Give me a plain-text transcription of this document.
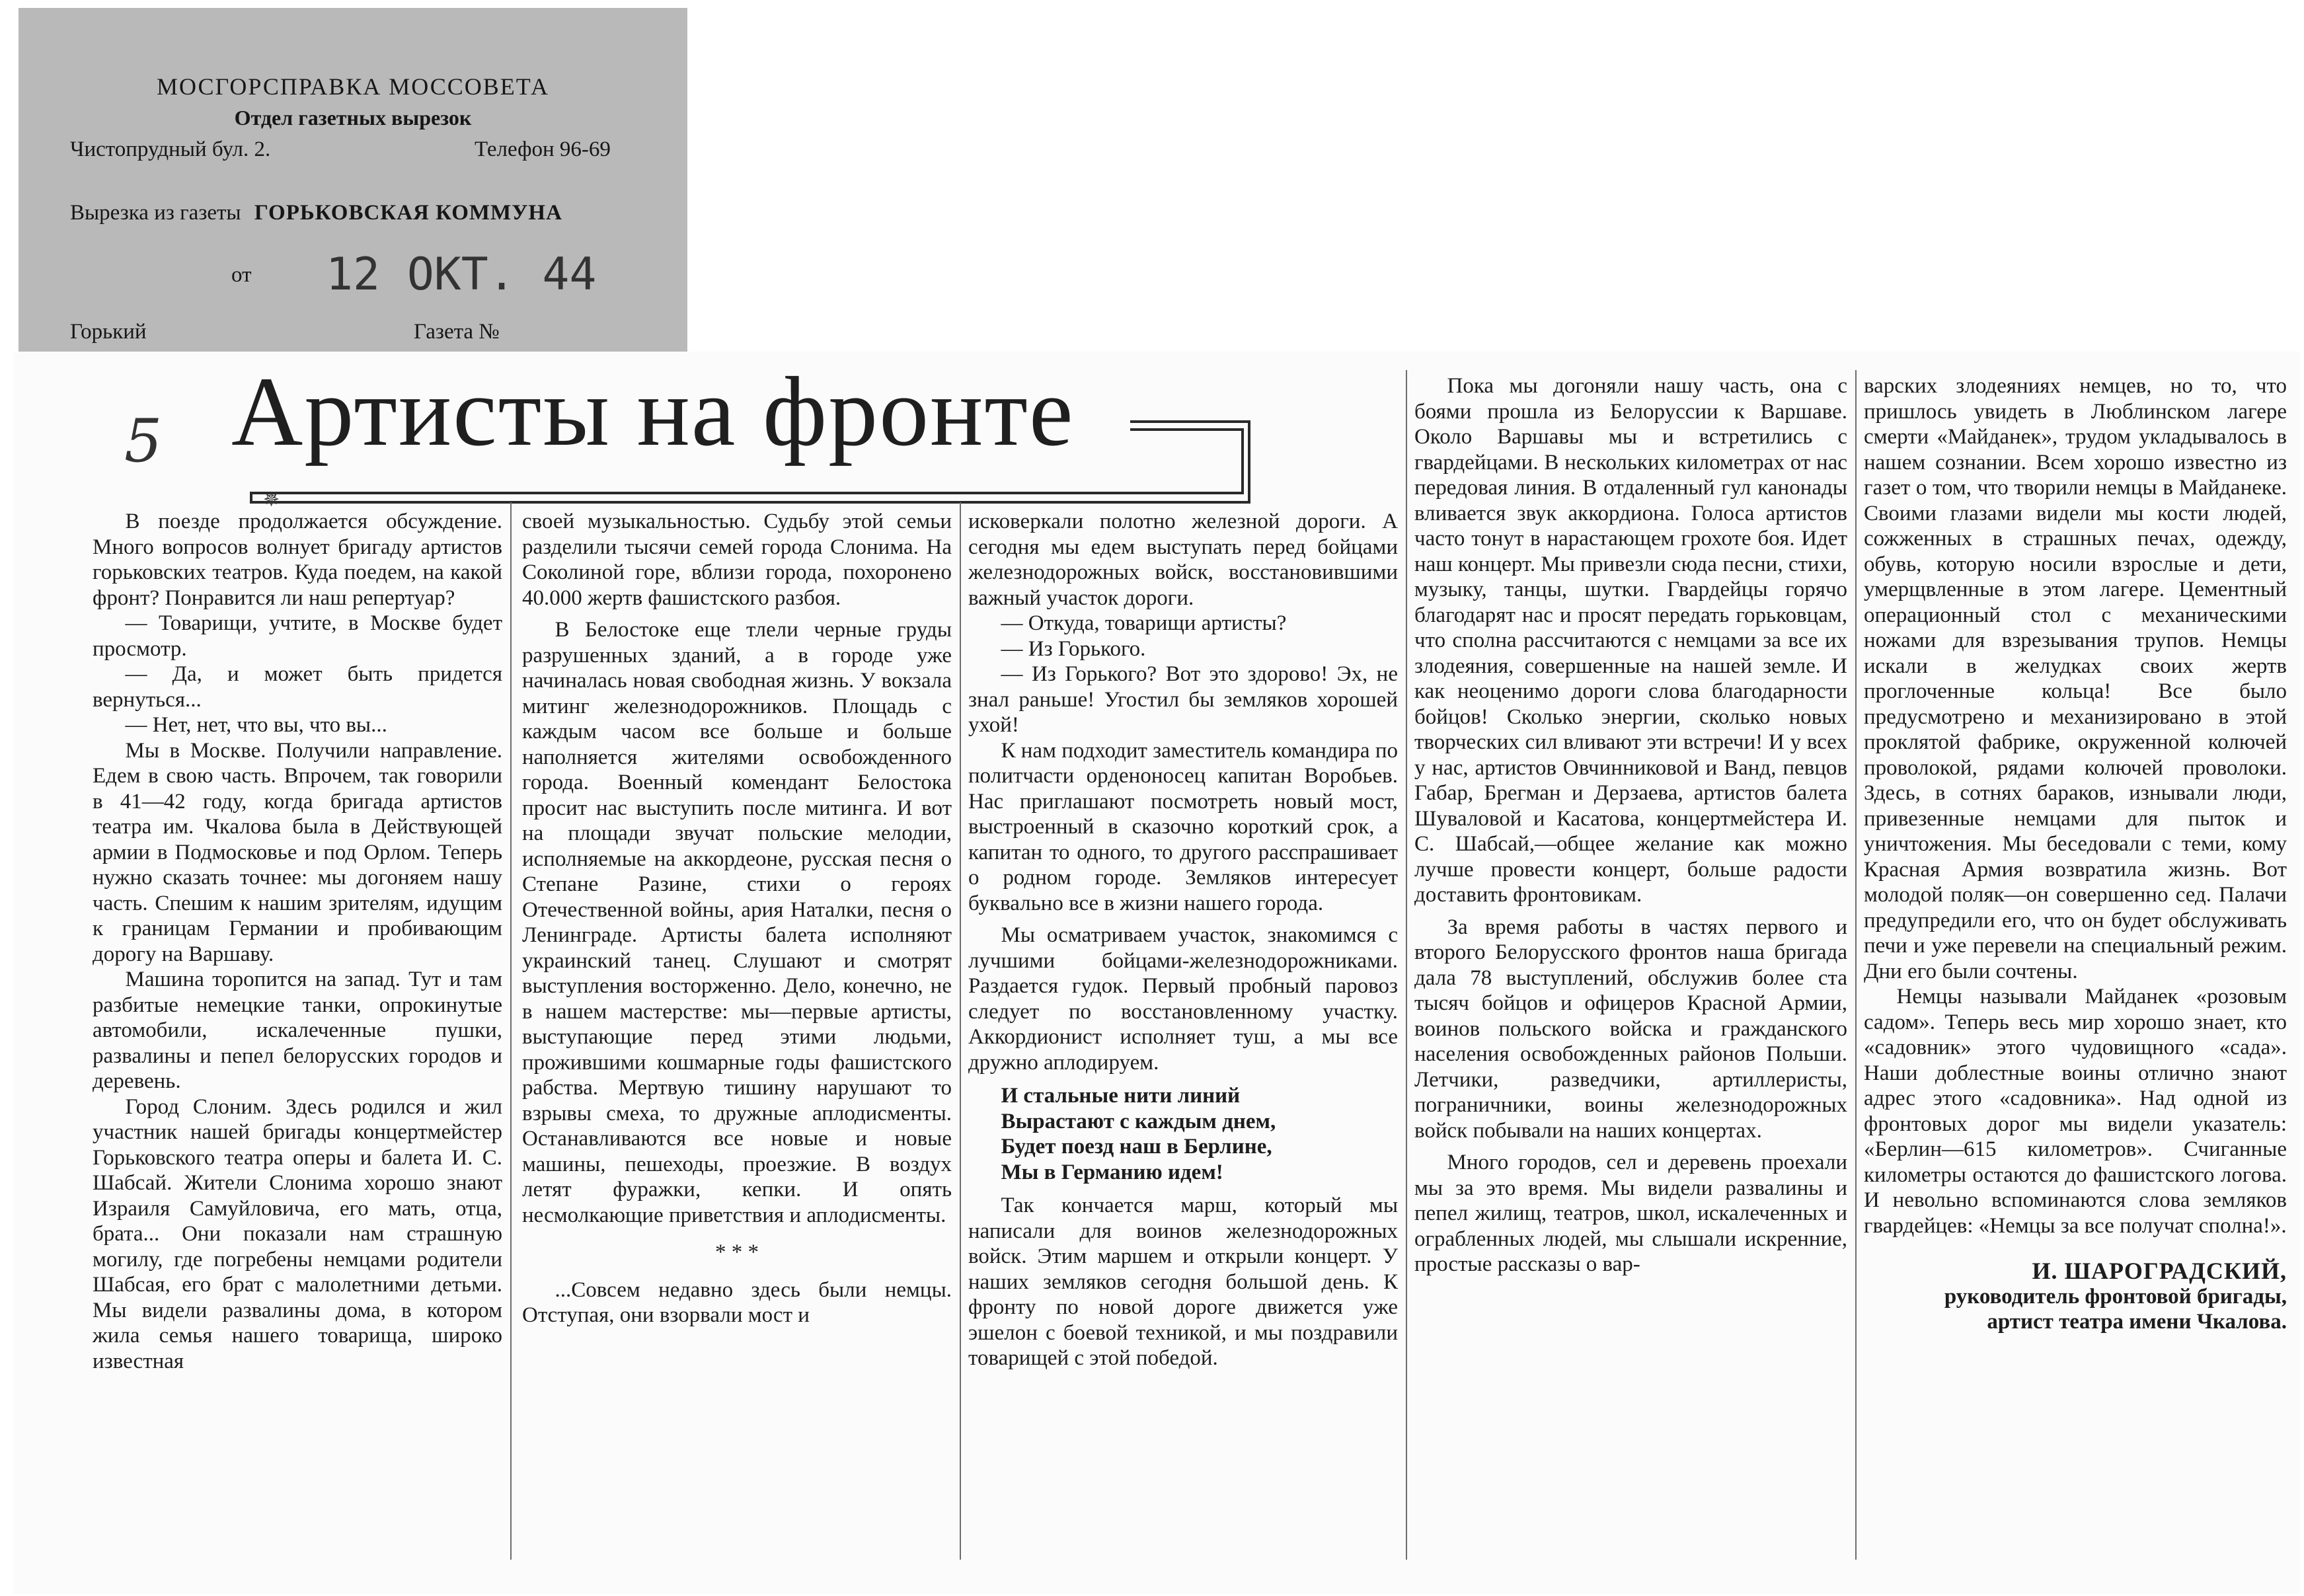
МОСГОРСПРАВКА МОССОВЕТА
Отдел газетных вырезок
Чистопрудный бул. 2.	Телефон 96-69
Вырезка из газеты ГОРЬКОВСКАЯ КОММУНА
от 12 ОКТ. 44
Горький	Газета №

5
✵
Артисты на фронте

В поезде продолжается обсуждение. Много вопросов волнует бригаду артистов горьковских театров. Куда поедем, на какой фронт? Понравится ли наш репертуар?

— Товарищи, учтите, в Москве будет просмотр.

— Да, и может быть придется вернуться...

— Нет, нет, что вы, что вы...

Мы в Москве. Получили направление. Едем в свою часть. Впрочем, так говорили в 41—42 году, когда бригада артистов театра им. Чкалова была в Действующей армии в Подмосковье и под Орлом. Теперь нужно сказать точнее: мы догоняем нашу часть. Спешим к нашим зрителям, идущим к границам Германии и пробивающим дорогу на Варшаву.

Машина торопится на запад. Тут и там разбитые немецкие танки, опрокинутые автомобили, искалеченные пушки, развалины и пепел белорусских городов и деревень.

Город Слоним. Здесь родился и жил участник нашей бригады концертмейстер Горьковского театра оперы и балета И. С. Шабсай. Жители Слонима хорошо знают Израиля Самуйловича, его мать, отца, брата... Они показали нам страшную могилу, где погребены немцами родители Шабсая, его брат с малолетними детьми. Мы видели развалины дома, в котором жила семья нашего товарища, широко известная

своей музыкальностью. Судьбу этой семьи разделили тысячи семей города Слонима. На Соколиной горе, вблизи города, похоронено 40.000 жертв фашистского разбоя.

В Белостоке еще тлели черные груды разрушенных зданий, а в городе уже начиналась новая свободная жизнь. У вокзала митинг железнодорожников. Площадь с каждым часом все больше и больше наполняется жителями освобожденного города. Военный комендант Белостока просит нас выступить после митинга. И вот на площади звучат польские мелодии, исполняемые на аккордеоне, русская песня о Степане Разине, стихи о героях Отечественной войны, ария Наталки, песня о Ленинграде. Артисты балета исполняют украинский танец. Слушают и смотрят выступления восторженно. Дело, конечно, не в нашем мастерстве: мы—первые артисты, выступающие перед этими людьми, прожившими кошмарные годы фашистского рабства. Мертвую тишину нарушают то взрывы смеха, то дружные аплодисменты. Останавливаются все новые и новые машины, пешеходы, проезжие. В воздух летят фуражки, кепки. И опять несмолкающие приветствия и аплодисменты.

* * *

...Совсем недавно здесь были немцы. Отступая, они взорвали мост и

исковеркали полотно железной дороги. А сегодня мы едем выступать перед бойцами железнодорожных войск, восстановившими важный участок дороги.

— Откуда, товарищи артисты?

— Из Горького.

— Из Горького? Вот это здорово! Эх, не знал раньше! Угостил бы земляков хорошей ухой!

К нам подходит заместитель командира по политчасти орденоносец капитан Воробьев. Нас приглашают посмотреть новый мост, выстроенный в сказочно короткий срок, а капитан то одного, то другого расспрашивает о родном городе. Земляков интересует буквально все в жизни нашего города.

Мы осматриваем участок, знакомимся с лучшими бойцами-железнодорожниками. Раздается гудок. Первый пробный паровоз следует по восстановленному участку. Аккордионист исполняет туш, а мы все дружно аплодируем.

И стальные нити линий
Вырастают с каждым днем,
Будет поезд наш в Берлине,
Мы в Германию идем!

Так кончается марш, который мы написали для воинов железнодорожных войск. Этим маршем и открыли концерт. У наших земляков сегодня большой день. К фронту по новой дороге движется уже эшелон с боевой техникой, и мы поздравили товарищей с этой победой.

Пока мы догоняли нашу часть, она с боями прошла из Белоруссии к Варшаве. Около Варшавы мы и встретились с гвардейцами. В нескольких километрах от нас передовая линия. В отдаленный гул канонады вливается звук аккордиона. Голоса артистов часто тонут в нарастающем грохоте боя. Идет наш концерт. Мы привезли сюда песни, стихи, музыку, танцы, шутки. Гвардейцы горячо благодарят нас и просят передать горьковцам, что сполна рассчитаются с немцами за все их злодеяния, совершенные на нашей земле. И как неоценимо дороги слова благодарности бойцов! Сколько энергии, сколько новых творческих сил вливают эти встречи! И у всех у нас, артистов Овчинниковой и Ванд, певцов Габар, Брегман и Дерзаева, артистов балета Шуваловой и Касатова, концертмейстера И. С. Шабсай,—общее желание как можно лучше провести концерт, больше радости доставить фронтовикам.

За время работы в частях первого и второго Белорусского фронтов наша бригада дала 78 выступлений, обслужив более ста тысяч бойцов и офицеров Красной Армии, воинов польского войска и гражданского населения освобожденных районов Польши. Летчики, разведчики, артиллеристы, пограничники, воины железнодорожных войск побывали на наших концертах.

Много городов, сел и деревень проехали мы за это время. Мы видели развалины и пепел жилищ, театров, школ, искалеченных и ограбленных людей, мы слышали искренние, простые рассказы о вар-

варских злодеяниях немцев, но то, что пришлось увидеть в Люблинском лагере смерти «Майданек», трудом укладывалось в нашем сознании. Всем хорошо известно из газет о том, что творили немцы в Майданеке. Своими глазами видели мы кости людей, сожженных в страшных печах, одежду, обувь, которую носили взрослые и дети, умерщвленные в этом лагере. Цементный операционный стол с механическими ножами для взрезывания трупов. Немцы искали в желудках своих жертв проглоченные кольца! Все было предусмотрено и механизировано в этой проклятой фабрике, окруженной колючей проволокой, рядами колючей проволоки. Здесь, в сотнях бараков, изнывали люди, привезенные немцами для пыток и уничтожения. Мы беседовали с теми, кому Красная Армия возвратила жизнь. Вот молодой поляк—он совершенно сед. Палачи предупредили его, что он будет обслуживать печи и уже перевели на специальный режим. Дни его были сочтены.

Немцы называли Майданек «розовым садом». Теперь весь мир хорошо знает, кто «садовник» этого чудовищного «сада». Наши доблестные воины отлично знают адрес этого «садовника». Над одной из фронтовых дорог мы видели указатель: «Берлин—615 километров». Счиганные километры остаются до фашистского логова. И невольно вспоминаются слова земляков гвардейцев: «Немцы за все получат сполна!».

И. ШАРОГРАДСКИЙ,
руководитель фронтовой бригады,
артист театра имени Чкалова.
